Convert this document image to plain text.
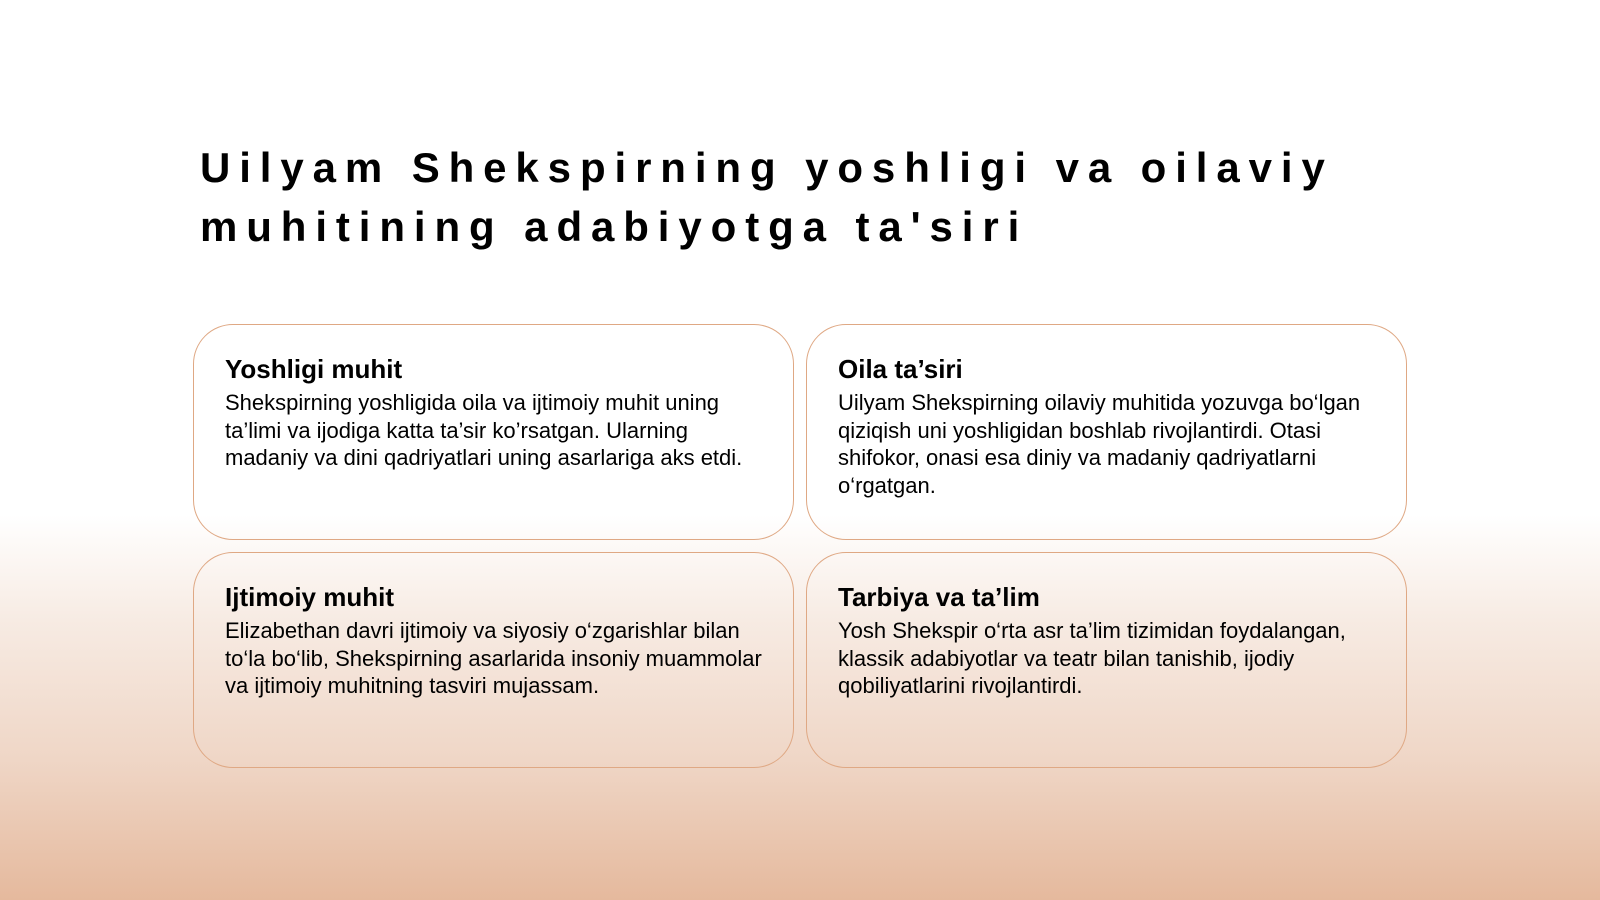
Uilyam Shekspirning yoshligi va oilaviy muhitining adabiyotga ta'siri
Yoshligi muhit

Shekspirning yoshligida oila va ijtimoiy muhit uning ta’limi va ijodiga katta ta’sir ko’rsatgan. Ularning madaniy va dini qadriyatlari uning asarlariga aks etdi.

Oila ta’siri

Uilyam Shekspirning oilaviy muhitida yozuvga bo‘lgan qiziqish uni yoshligidan boshlab rivojlantirdi. Otasi shifokor, onasi esa diniy va madaniy qadriyatlarni o‘rgatgan.

Ijtimoiy muhit

Elizabethan davri ijtimoiy va siyosiy o‘zgarishlar bilan to‘la bo‘lib, Shekspirning asarlarida insoniy muammolar va ijtimoiy muhitning tasviri mujassam.

Tarbiya va ta’lim

Yosh Shekspir o‘rta asr ta’lim tizimidan foydalangan, klassik adabiyotlar va teatr bilan tanishib, ijodiy qobiliyatlarini rivojlantirdi.
